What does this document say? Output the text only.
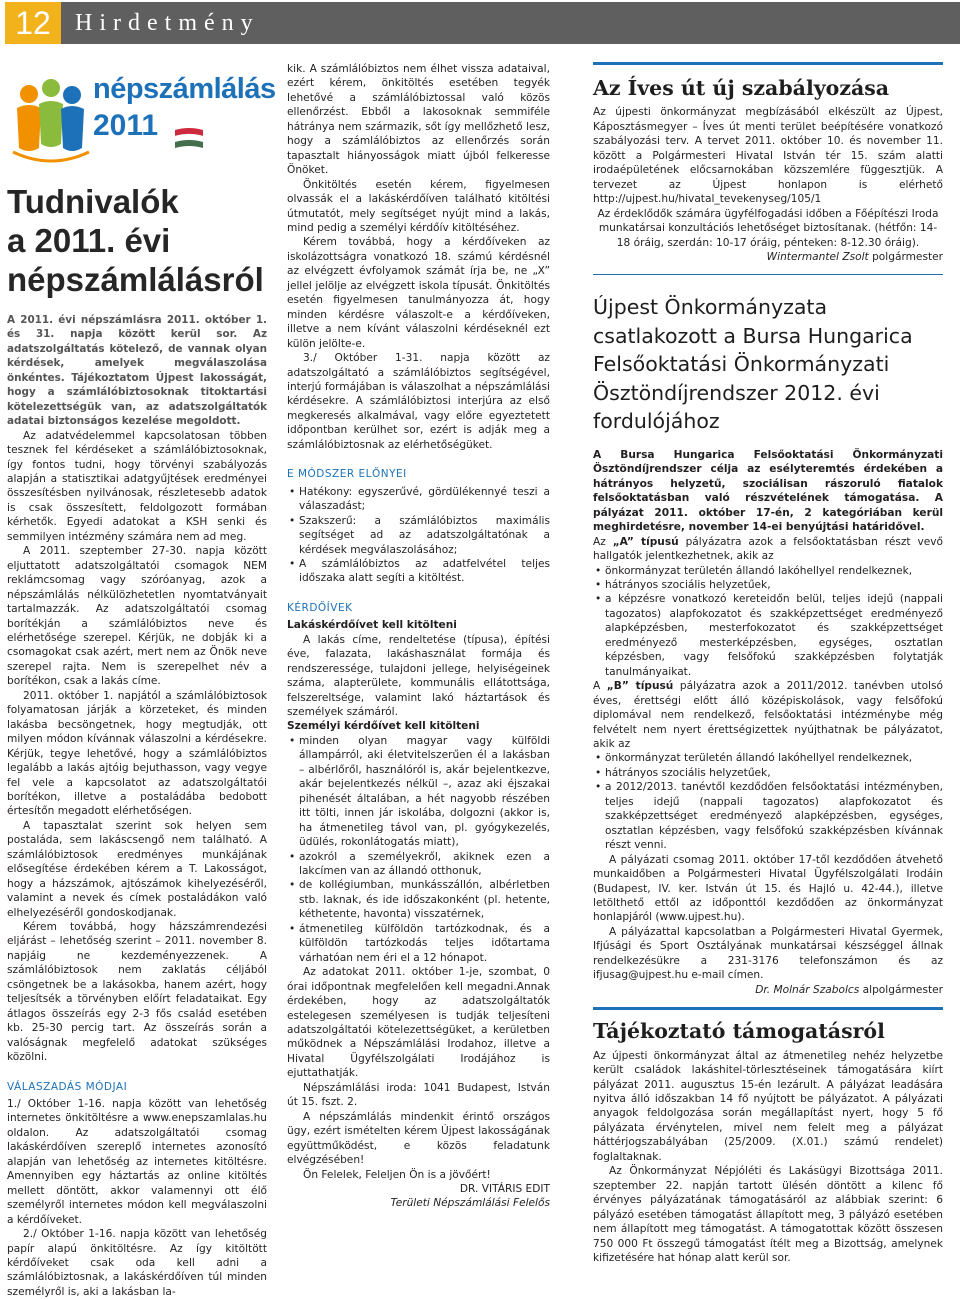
12	Hirdetmény
népszámlálás
2011
Tudnivalók
a 2011. évi
népszámlálásról

A 2011. évi népszámlásra 2011. október 1. és 31. napja között kerül sor. Az adatszolgáltatás kötelező, de vannak olyan kérdések, amelyek megválaszolása önkéntes. Tájékoztatom Újpest lakosságát, hogy a számlálóbiztosoknak titoktartási kötelezettségük van, az adatszolgáltatók adatai biztonságos kezelése megoldott.

Az adatvédelemmel kapcsolatosan többen tesznek fel kérdéseket a számlálóbiztosoknak, így fontos tudni, hogy törvényi szabályozás alapján a statisztikai adatgyűjtések eredményei összesítésben nyilvánosak, részletesebb adatok is csak összesített, feldolgozott formában kérhetők. Egyedi adatokat a KSH senki és semmilyen intézmény számára nem ad meg.

A 2011. szeptember 27-30. napja között eljuttatott adatszolgáltatói csomagok NEM reklámcsomag vagy szóróanyag, azok a népszámlálás nélkülözhetetlen nyomtatványait tartalmazzák. Az adatszolgáltatói csomag borítékján a számlálóbiztos neve és elérhetősége szerepel. Kérjük, ne dobják ki a csomagokat csak azért, mert nem az Önök neve szerepel rajta. Nem is szerepelhet név a borítékon, csak a lakás címe.

2011. október 1. napjától a számlálóbiztosok folyamatosan járják a körzeteket, és minden lakásba becsöngetnek, hogy megtudják, ott milyen módon kívánnak válaszolni a kérdésekre. Kérjük, tegye lehetővé, hogy a számlálóbiztos legalább a lakás ajtóig bejuthasson, vagy vegye fel vele a kapcsolatot az adatszolgáltatói borítékon, illetve a postaládába bedobott értesítőn megadott elérhetőségen.

A tapasztalat szerint sok helyen sem postaláda, sem lakáscsengő nem található. A számlálóbiztosok eredményes munkájának elősegítése érdekében kérem a T. Lakosságot, hogy a házszámok, ajtószámok kihelyezéséről, valamint a nevek és címek postaládákon való elhelyezéséről gondoskodjanak.

Kérem továbbá, hogy házszámrendezési eljárást – lehetőség szerint – 2011. november 8. napjáig ne kezdeményezzenek. A számlálóbiztosok nem zaklatás céljából csöngetnek be a lakásokba, hanem azért, hogy teljesítsék a törvényben előírt feladataikat. Egy átlagos összeírás egy 2-3 fős család esetében kb. 25-30 percig tart. Az összeírás során a valóságnak megfelelő adatokat szükséges közölni.

VÁLASZADÁS MÓDJAI

1./ Október 1-16. napja között van lehetőség internetes önkitöltésre a www.enepszamlalas.hu oldalon. Az adatszolgáltatói csomag lakáskérdőíven szereplő internetes azonosító alapján van lehetőség az internetes kitöltésre. Amennyiben egy háztartás az online kitöltés mellett döntött, akkor valamennyi ott élő személyről internetes módon kell megválaszolni a kérdőíveket.

2./ Október 1-16. napja között van lehetőség papír alapú önkitöltésre. Az így kitöltött kérdőíveket csak oda kell adni a számlálóbiztosnak, a lakáskérdőíven túl minden személyről is, aki a lakásban la-

kik. A számlálóbiztos nem élhet vissza adataival, ezért kérem, önkitöltés esetében tegyék lehetővé a számlálóbiztossal való közös ellenőrzést. Ebből a lakosoknak semmiféle hátránya nem származik, sőt így mellőzhető lesz, hogy a számlálóbiztos az ellenőrzés során tapasztalt hiányosságok miatt újból felkeresse Önöket.

Önkitöltés esetén kérem, figyelmesen olvassák el a lakáskérdőíven található kitöltési útmutatót, mely segítséget nyújt mind a lakás, mind pedig a személyi kérdőív kitöltéséhez.

Kérem továbbá, hogy a kérdőíveken az iskolázottságra vonatkozó 18. számú kérdésnél az elvégzett évfolyamok számát írja be, ne „X” jellel jelölje az elvégzett iskola típusát. Önkitöltés esetén figyelmesen tanulmányozza át, hogy minden kérdésre válaszolt-e a kérdőíveken, illetve a nem kívánt válaszolni kérdéseknél ezt külön jelölte-e.

3./ Október 1-31. napja között az adatszolgáltató a számlálóbiztos segítségével, interjú formájában is válaszolhat a népszámlálási kérdésekre. A számlálóbiztosi interjúra az első megkeresés alkalmával, vagy előre egyeztetett időpontban kerülhet sor, ezért is adják meg a számlálóbiztosnak az elérhetőségüket.

E MÓDSZER ELŐNYEI

• Hatékony: egyszerűvé, gördülékennyé teszi a válaszadást;

• Szakszerű: a számlálóbiztos maximális segítséget ad az adatszolgáltatónak a kérdések megválaszolásához;

• A számlálóbiztos az adatfelvétel teljes időszaka alatt segíti a kitöltést.

KÉRDŐÍVEK

Lakáskérdőívet kell kitölteni

A lakás címe, rendeltetése (típusa), építési éve, falazata, lakáshasználat formája és rendszeressége, tulajdoni jellege, helyiségeinek száma, alapterülete, kommunális ellátottsága, felszereltsége, valamint lakó háztartások és személyek számáról.

Személyi kérdőívet kell kitölteni

• minden olyan magyar vagy külföldi állampárról, aki életvitelszerűen él a lakásban – albérlőről, használóról is, akár bejelentkezve, akár bejelentkezés nélkül –, azaz aki éjszakai pihenését általában, a hét nagyobb részében itt tölti, innen jár iskolába, dolgozni (akkor is, ha átmenetileg távol van, pl. gyógykezelés, üdülés, rokonlátogatás miatt),

• azokról a személyekről, akiknek ezen a lakcímen van az állandó otthonuk,

• de kollégiumban, munkásszállón, albérletben stb. laknak, és ide időszakonként (pl. hetente, kéthetente, havonta) visszatérnek,

• átmenetileg külföldön tartózkodnak, és a külföldön tartózkodás teljes időtartama várhatóan nem éri el a 12 hónapot.

Az adatokat 2011. október 1-je, szombat, 0 órai időpontnak megfelelően kell megadni.Annak érdekében, hogy az adatszolgáltatók estelegesen személyesen is tudják teljesíteni adatszolgáltatói kötelezettségüket, a kerületben működnek a Népszámlálási Irodahoz, illetve a Hivatal Ügyfélszolgálati Irodájához is ejuttathatják.

Népszámlálási iroda: 1041 Budapest, István út 15. fszt. 2.

A népszámlálás mindenkit érintő országos ügy, ezért ismételten kérem Újpest lakosságának együttműködést, e közös feladatunk elvégzésében!

Ön Felelek, Feleljen Ön is a jövőért!

DR. VITÁRIS EDIT

Területi Népszámlálási Felelős

Az Íves út új szabályozása

Az újpesti önkormányzat megbízásából elkészült az Újpest, Káposztásmegyer – Íves út menti terület beépítésére vonatkozó szabályozási terv. A tervet 2011. október 10. és november 11. között a Polgármesteri Hivatal István tér 15. szám alatti irodaépületének előcsarnokában közszemlére függesztjük. A tervezet az Újpest honlapon is elérhető http://ujpest.hu/hivatal_tevekenyseg/105/1

Az érdeklődők számára ügyfélfogadási időben a Főépítészi Iroda munkatársai konzultációs lehetőséget biztosítanak. (hétfőn: 14-18 óráig, szerdán: 10-17 óráig, pénteken: 8-12.30 óráig).

Wintermantel Zsolt polgármester

Újpest Önkormányzata csatlakozott a Bursa Hungarica Felsőoktatási Önkormányzati Ösztöndíjrendszer 2012. évi fordulójához

A Bursa Hungarica Felsőoktatási Önkormányzati Ösztöndíjrendszer célja az esélyteremtés érdekében a hátrányos helyzetű, szociálisan rászoruló fiatalok felsőoktatásban való részvételének támogatása. A pályázat 2011. október 17-én, 2 kategóriában kerül meghirdetésre, november 14-ei benyújtási határidővel.

Az „A” típusú pályázatra azok a felsőoktatásban részt vevő hallgatók jelentkezhetnek, akik az

• önkormányzat területén állandó lakóhellyel rendelkeznek,

• hátrányos szociális helyzetűek,

• a képzésre vonatkozó kereteidőn belül, teljes idejű (nappali tagozatos) alapfokozatot és szakképzettséget eredményező alapképzésben, mesterfokozatot és szakképzettséget eredményező mesterképzésben, egységes, osztatlan képzésben, vagy felsőfokú szakképzésben folytatják tanulmányaikat.

A „B” típusú pályázatra azok a 2011/2012. tanévben utolsó éves, érettségi előtt álló középiskolások, vagy felsőfokú diplomával nem rendelkező, felsőoktatási intézménybe még felvételt nem nyert érettségizettek nyújthatnak be pályázatot, akik az

• önkormányzat területén állandó lakóhellyel rendelkeznek,

• hátrányos szociális helyzetűek,

• a 2012/2013. tanévtől kezdődően felsőoktatási intézményben, teljes idejű (nappali tagozatos) alapfokozatot és szakképzettséget eredményező alapképzésben, egységes, osztatlan képzésben, vagy felsőfokú szakképzésben kívánnak részt venni.

A pályázati csomag 2011. október 17-től kezdődően átvehető munkaidőben a Polgármesteri Hivatal Ügyfélszolgálati Irodáin (Budapest, IV. ker. István út 15. és Hajló u. 42-44.), illetve letölthető ettől az időponttól kezdődően az önkormányzat honlapjáról (www.ujpest.hu).

A pályázattal kapcsolatban a Polgármesteri Hivatal Gyermek, Ifjúsági és Sport Osztályának munkatársai készséggel állnak rendelkezésükre a 231-3176 telefonszámon és az ifjusag@ujpest.hu e-mail címen.

Dr. Molnár Szabolcs alpolgármester

Tájékoztató támogatásról

Az újpesti önkormányzat által az átmenetileg nehéz helyzetbe került családok lakáshitel-törlesztéseinek támogatására kiírt pályázat 2011. augusztus 15-én lezárult. A pályázat leadására nyitva álló időszakban 14 fő nyújtott be pályázatot. A pályázati anyagok feldolgozása során megállapítást nyert, hogy 5 fő pályázata érvénytelen, mivel nem felelt meg a pályázat háttérjogszabályában (25/2009. (X.01.) számú rendelet) foglaltaknak.

Az Önkormányzat Népjóléti és Lakásügyi Bizottsága 2011. szeptember 22. napján tartott ülésén döntött a kilenc fő érvényes pályázatának támogatásáról az alábbiak szerint: 6 pályázó esetében támogatást állapított meg, 3 pályázó esetében nem állapított meg támogatást. A támogatottak között összesen 750 000 Ft összegű támogatást ítélt meg a Bizottság, amelynek kifizetésére hat hónap alatt kerül sor.
